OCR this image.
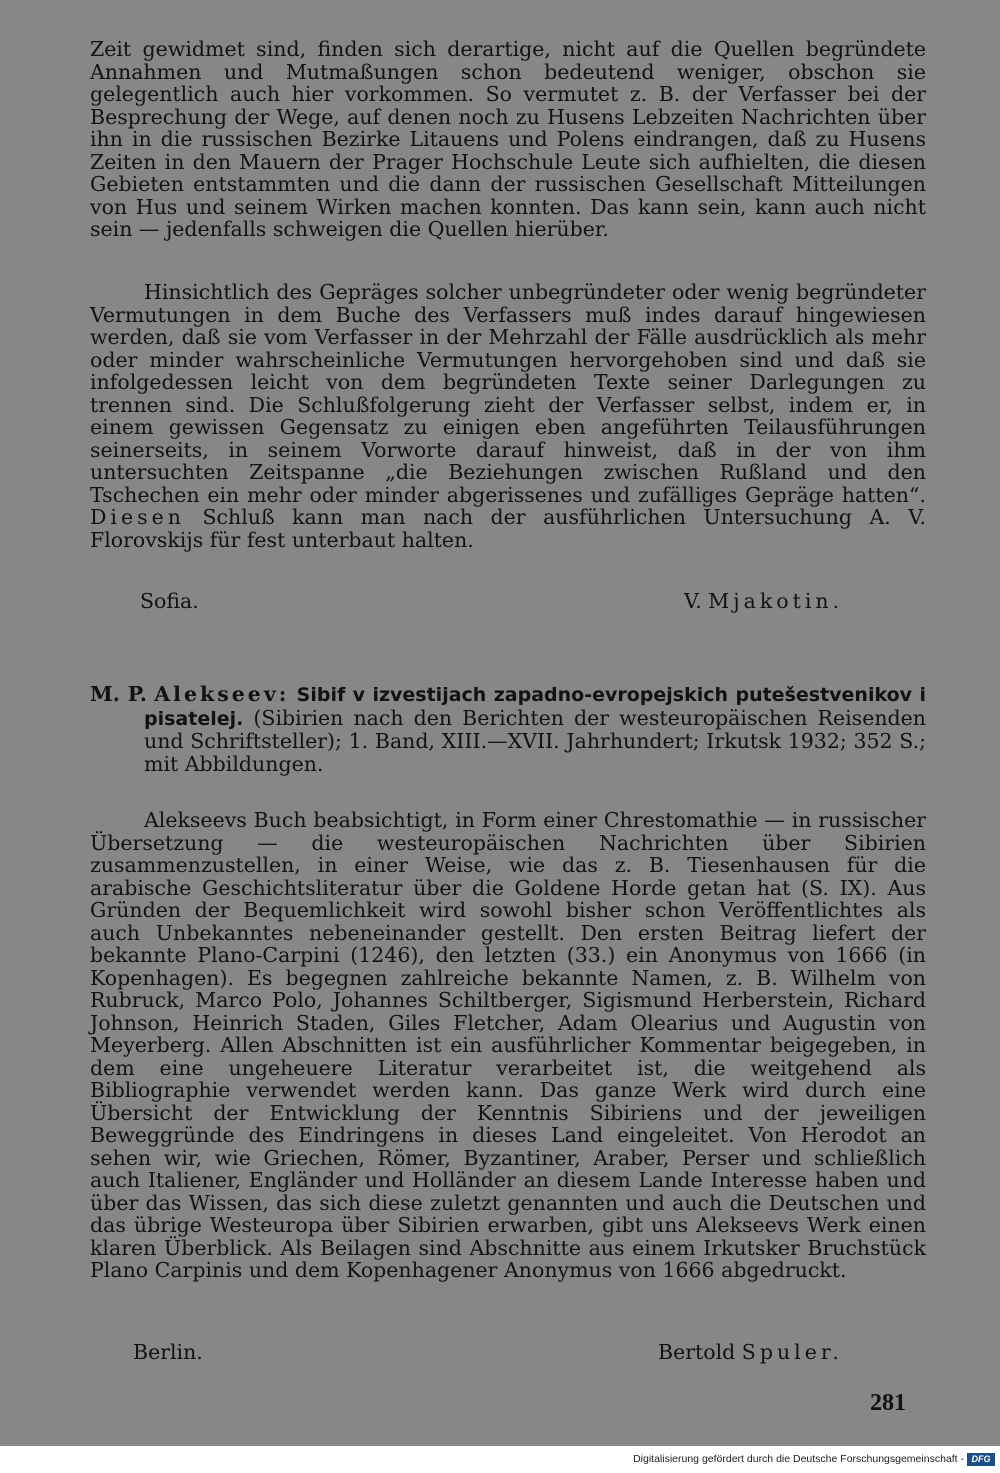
Zeit gewidmet sind, finden sich derartige, nicht auf die Quellen begründete Annahmen und Mutmaßungen schon bedeutend weniger, obschon sie gelegentlich auch hier vorkommen. So vermutet z. B. der Verfasser bei der Besprechung der Wege, auf denen noch zu Husens Lebzeiten Nachrichten über ihn in die russischen Bezirke Litauens und Polens eindrangen, daß zu Husens Zeiten in den Mauern der Prager Hochschule Leute sich aufhielten, die diesen Gebieten entstammten und die dann der russischen Gesellschaft Mitteilungen von Hus und seinem Wirken machen konnten. Das kann sein, kann auch nicht sein — jedenfalls schweigen die Quellen hierüber.
Hinsichtlich des Gepräges solcher unbegründeter oder wenig begründeter Vermutungen in dem Buche des Verfassers muß indes darauf hingewiesen werden, daß sie vom Verfasser in der Mehrzahl der Fälle ausdrücklich als mehr oder minder wahrscheinliche Vermutungen hervorgehoben sind und daß sie infolgedessen leicht von dem begründeten Texte seiner Darlegungen zu trennen sind. Die Schlußfolgerung zieht der Verfasser selbst, indem er, in einem gewissen Gegensatz zu einigen eben angeführten Teilausführungen seinerseits, in seinem Vorworte darauf hinweist, daß in der von ihm untersuchten Zeitspanne „die Beziehungen zwischen Rußland und den Tschechen ein mehr oder minder abgerissenes und zufälliges Gepräge hatten“. Diesen Schluß kann man nach der ausführlichen Untersuchung A. V. Florovskijs für fest unterbaut halten.
Sofia.	V. Mjakotin.
M. P. Alekseev: Sibif v izvestijach zapadno-evropejskich putešestvenikov i pisatelej. (Sibirien nach den Berichten der westeuropäischen Reisenden und Schriftsteller); 1. Band, XIII.—XVII. Jahrhundert; Irkutsk 1932; 352 S.; mit Abbildungen.
Alekseevs Buch beabsichtigt, in Form einer Chrestomathie — in russischer Übersetzung — die westeuropäischen Nachrichten über Sibirien zusammenzustellen, in einer Weise, wie das z. B. Tiesenhausen für die arabische Geschichtsliteratur über die Goldene Horde getan hat (S. IX). Aus Gründen der Bequemlichkeit wird sowohl bisher schon Veröffentlichtes als auch Unbekanntes nebeneinander gestellt. Den ersten Beitrag liefert der bekannte Plano-Carpini (1246), den letzten (33.) ein Anonymus von 1666 (in Kopenhagen). Es begegnen zahlreiche bekannte Namen, z. B. Wilhelm von Rubruck, Marco Polo, Johannes Schiltberger, Sigismund Herberstein, Richard Johnson, Heinrich Staden, Giles Fletcher, Adam Olearius und Augustin von Meyerberg. Allen Abschnitten ist ein ausführlicher Kommentar beigegeben, in dem eine ungeheuere Literatur verarbeitet ist, die weitgehend als Bibliographie verwendet werden kann. Das ganze Werk wird durch eine Übersicht der Entwicklung der Kenntnis Sibiriens und der jeweiligen Beweggründe des Eindringens in dieses Land eingeleitet. Von Herodot an sehen wir, wie Griechen, Römer, Byzantiner, Araber, Perser und schließlich auch Italiener, Engländer und Holländer an diesem Lande Interesse haben und über das Wissen, das sich diese zuletzt genannten und auch die Deutschen und das übrige Westeuropa über Sibirien erwarben, gibt uns Alekseevs Werk einen klaren Überblick. Als Beilagen sind Abschnitte aus einem Irkutsker Bruchstück Plano Carpinis und dem Kopenhagener Anonymus von 1666 abgedruckt.
Berlin.	Bertold Spuler.
281
Digitalisierung gefördert durch die Deutsche Forschungsgemeinschaft - DFG
